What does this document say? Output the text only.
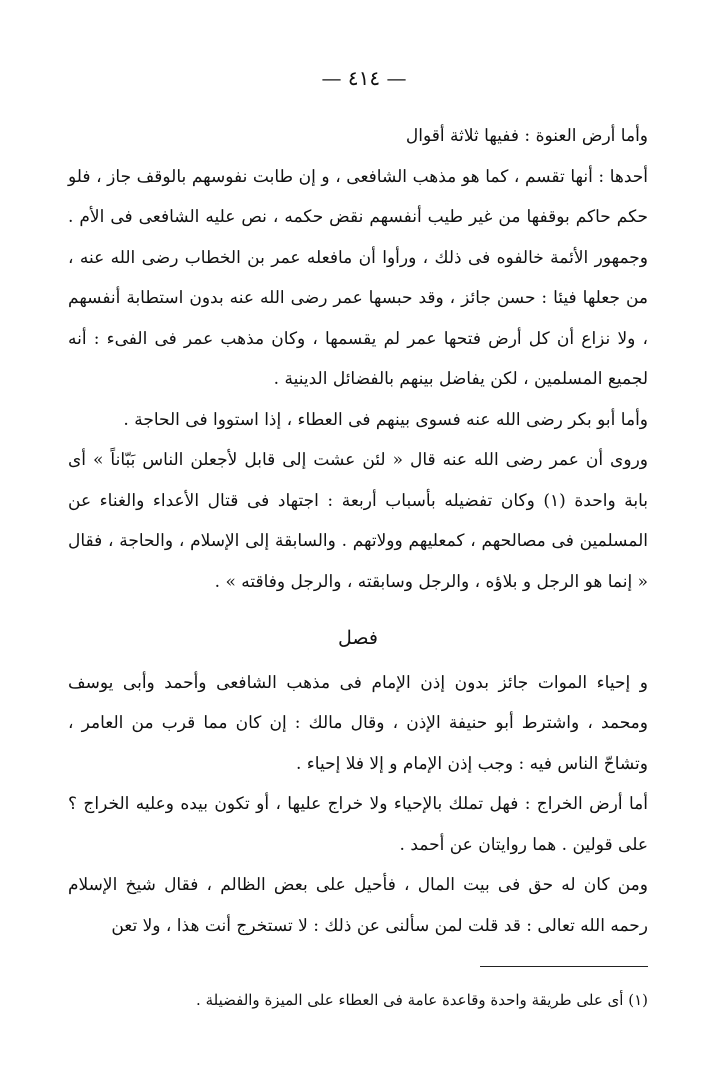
— ٤١٤ —

وأما أرض العنوة : ففيها ثلاثة أقوال

أحدها : أنها تقسم ، كما هو مذهب الشافعى ، و إن طابت نفوسهم بالوقف جاز ، فلو حكم حاكم بوقفها من غير طيب أنفسهم نقض حكمه ، نص عليه الشافعى فى الأم . وجمهور الأئمة خالفوه فى ذلك ، ورأوا أن مافعله عمر بن الخطاب رضى الله عنه ، من جعلها فيئا : حسن جائز ، وقد حبسها عمر رضى الله عنه بدون استطابة أنفسهم ، ولا نزاع أن كل أرض فتحها عمر لم يقسمها ، وكان مذهب عمر فى الفىء : أنه لجميع المسلمين ، لكن يفاضل بينهم بالفضائل الدينية .

وأما أبو بكر رضى الله عنه فسوى بينهم فى العطاء ، إذا استووا فى الحاجة .

وروى أن عمر رضى الله عنه قال « لئن عشت إلى قابل لأجعلن الناس بَبّاناً » أى بابة واحدة (١) وكان تفضيله بأسباب أربعة : اجتهاد فى قتال الأعداء والغناء عن المسلمين فى مصالحهم ، كمعليهم وولاتهم . والسابقة إلى الإسلام ، والحاجة ، فقال « إنما هو الرجل و بلاؤه ، والرجل وسابقته ، والرجل وفاقته » .

فصل

و إحياء الموات جائز بدون إذن الإمام فى مذهب الشافعى وأحمد وأبى يوسف ومحمد ، واشترط أبو حنيفة الإذن ، وقال مالك : إن كان مما قرب من العامر ، وتشاحّ الناس فيه : وجب إذن الإمام و إلا فلا إحياء .

أما أرض الخراج : فهل تملك بالإحياء ولا خراج عليها ، أو تكون بيده وعليه الخراج ؟ على قولين . هما روايتان عن أحمد .

ومن كان له حق فى بيت المال ، فأحيل على بعض الظالم ، فقال شيخ الإسلام رحمه الله تعالى : قد قلت لمن سألنى عن ذلك : لا تستخرج أنت هذا ، ولا تعن

(١) أى على طريقة واحدة وقاعدة عامة فى العطاء على الميزة والفضيلة .
